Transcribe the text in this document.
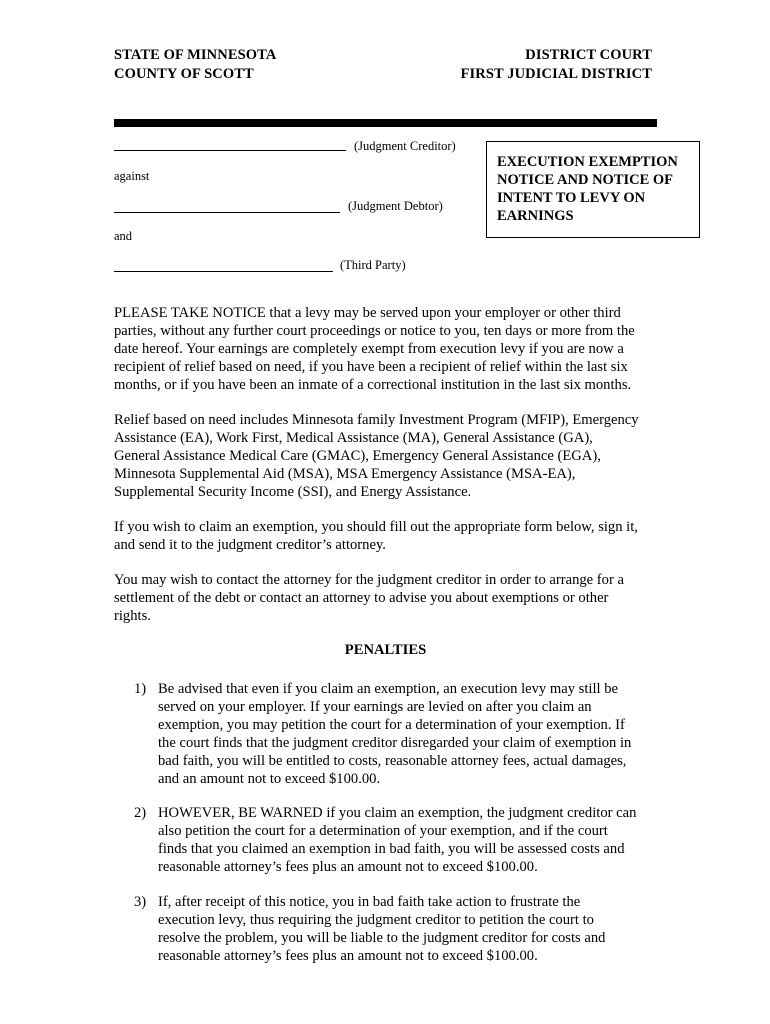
STATE OF MINNESOTA
COUNTY OF SCOTT
DISTRICT COURT
FIRST JUDICIAL DISTRICT
(Judgment Creditor)
against
(Judgment Debtor)
and
(Third Party)
EXECUTION EXEMPTION
NOTICE AND NOTICE OF
INTENT TO LEVY ON
EARNINGS
PLEASE TAKE NOTICE that a levy may be served upon your employer or other third
parties, without any further court proceedings or notice to you, ten days or more from the
date hereof. Your earnings are completely exempt from execution levy if you are now a
recipient of relief based on need, if you have been a recipient of relief within the last six
months, or if you have been an inmate of a correctional institution in the last six months.
Relief based on need includes Minnesota family Investment Program (MFIP), Emergency
Assistance (EA), Work First, Medical Assistance (MA), General Assistance (GA),
General Assistance Medical Care (GMAC), Emergency General Assistance (EGA),
Minnesota Supplemental Aid (MSA), MSA Emergency Assistance (MSA-EA),
Supplemental Security Income (SSI), and Energy Assistance.
If you wish to claim an exemption, you should fill out the appropriate form below, sign it,
and send it to the judgment creditor’s attorney.
You may wish to contact the attorney for the judgment creditor in order to arrange for a
settlement of the debt or contact an attorney to advise you about exemptions or other
rights.
PENALTIES
1) Be advised that even if you claim an exemption, an execution levy may still be
served on your employer. If your earnings are levied on after you claim an
exemption, you may petition the court for a determination of your exemption. If
the court finds that the judgment creditor disregarded your claim of exemption in
bad faith, you will be entitled to costs, reasonable attorney fees, actual damages,
and an amount not to exceed $100.00.
2) HOWEVER, BE WARNED if you claim an exemption, the judgment creditor can
also petition the court for a determination of your exemption, and if the court
finds that you claimed an exemption in bad faith, you will be assessed costs and
reasonable attorney’s fees plus an amount not to exceed $100.00.
3) If, after receipt of this notice, you in bad faith take action to frustrate the
execution levy, thus requiring the judgment creditor to petition the court to
resolve the problem, you will be liable to the judgment creditor for costs and
reasonable attorney’s fees plus an amount not to exceed $100.00.
